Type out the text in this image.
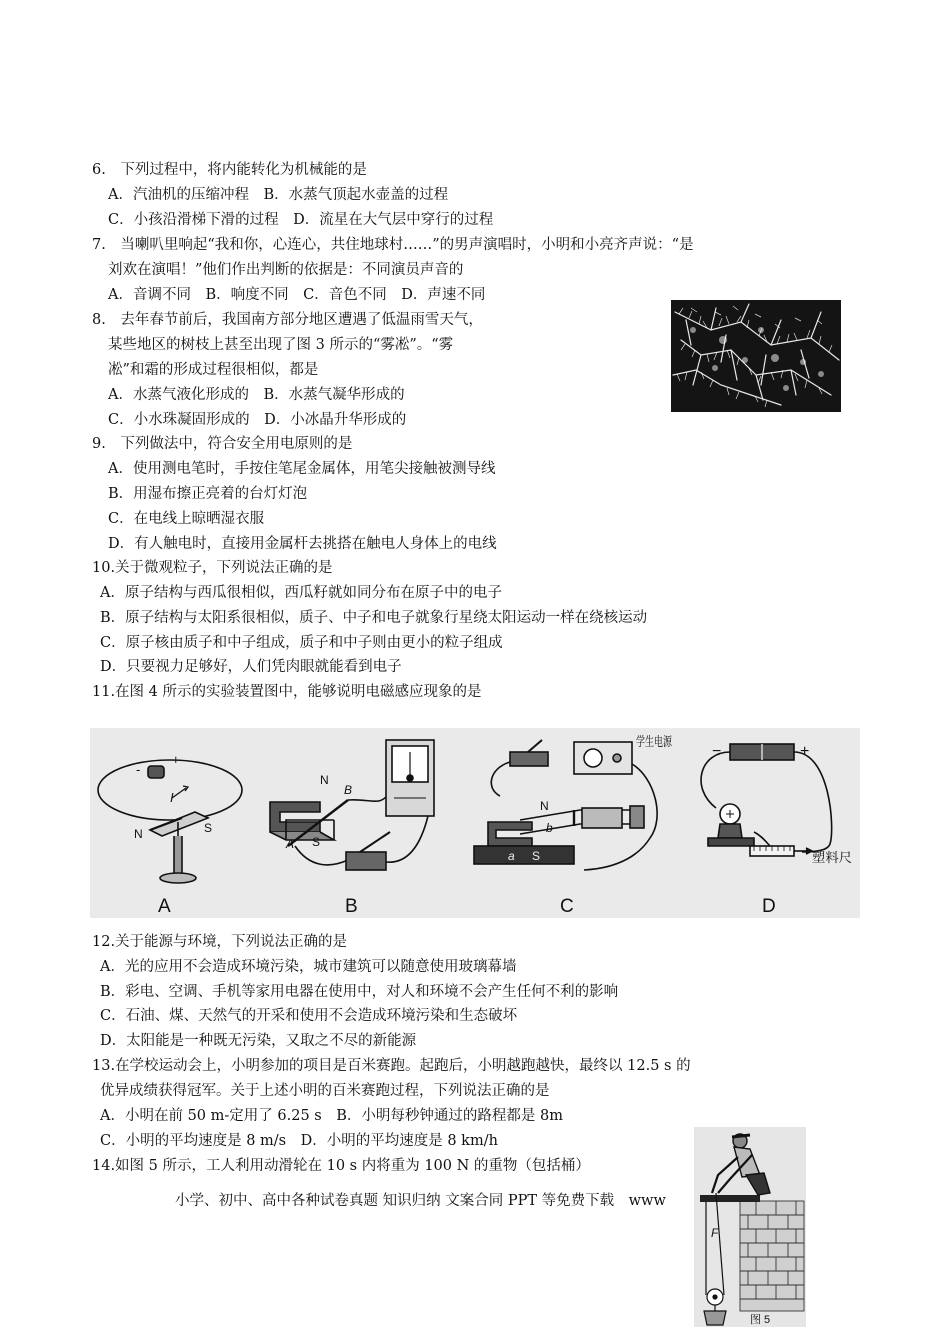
6.　下列过程中，将内能转化为机械能的是
A．汽油机的压缩冲程　B．水蒸气顶起水壶盖的过程
C．小孩沿滑梯下滑的过程　D．流星在大气层中穿行的过程
7.　当喇叭里响起“我和你，心连心，共住地球村……”的男声演唱时，小明和小亮齐声说：“是
刘欢在演唱！”他们作出判断的依据是：不同演员声音的
A．音调不同　B．响度不同　C．音色不同　D．声速不同
8.　去年春节前后，我国南方部分地区遭遇了低温雨雪天气，
某些地区的树枝上甚至出现了图 3 所示的“雾凇”。“雾
凇”和霜的形成过程很相似，都是
A．水蒸气液化形成的　B．水蒸气凝华形成的
C．小水珠凝固形成的　D．小冰晶升华形成的
9.　下列做法中，符合安全用电原则的是
A．使用测电笔时，手按住笔尾金属体，用笔尖接触被测导线
B．用湿布擦正亮着的台灯灯泡
C．在电线上晾晒湿衣服
D．有人触电时，直接用金属杆去挑搭在触电人身体上的电线
10.关于微观粒子，下列说法正确的是
A．原子结构与西瓜很相似，西瓜籽就如同分布在原子中的电子
B．原子结构与太阳系很相似，质子、中子和电子就象行星绕太阳运动一样在绕核运动
C．原子核由质子和中子组成，质子和中子则由更小的粒子组成
D．只要视力足够好，人们凭肉眼就能看到电子
11.在图 4 所示的实验装置图中，能够说明电磁感应现象的是
+
-
I
N	S
N
B
A S
学生电源
N
b
a S
−	+
塑料尺
A	B	C	D
12.关于能源与环境，下列说法正确的是
A．光的应用不会造成环境污染，城市建筑可以随意使用玻璃幕墙
B．彩电、空调、手机等家用电器在使用中，对人和环境不会产生任何不利的影响
C．石油、煤、天然气的开采和使用不会造成环境污染和生态破坏
D．太阳能是一种既无污染，又取之不尽的新能源
13.在学校运动会上，小明参加的项目是百米赛跑。起跑后，小明越跑越快，最终以 12.5 s 的
优异成绩获得冠军。关于上述小明的百米赛跑过程，下列说法正确的是
A．小明在前 50 m-定用了 6.25 s　B．小明每秒钟通过的路程都是 8m
C．小明的平均速度是 8 m/s　D．小明的平均速度是 8 km/h
14.如图 5 所示，工人利用动滑轮在 10 s 内将重为 100 N 的重物（包括桶）
小学、初中、高中各种试卷真题 知识归纳 文案合同 PPT 等免费下载　www
F
图 5
